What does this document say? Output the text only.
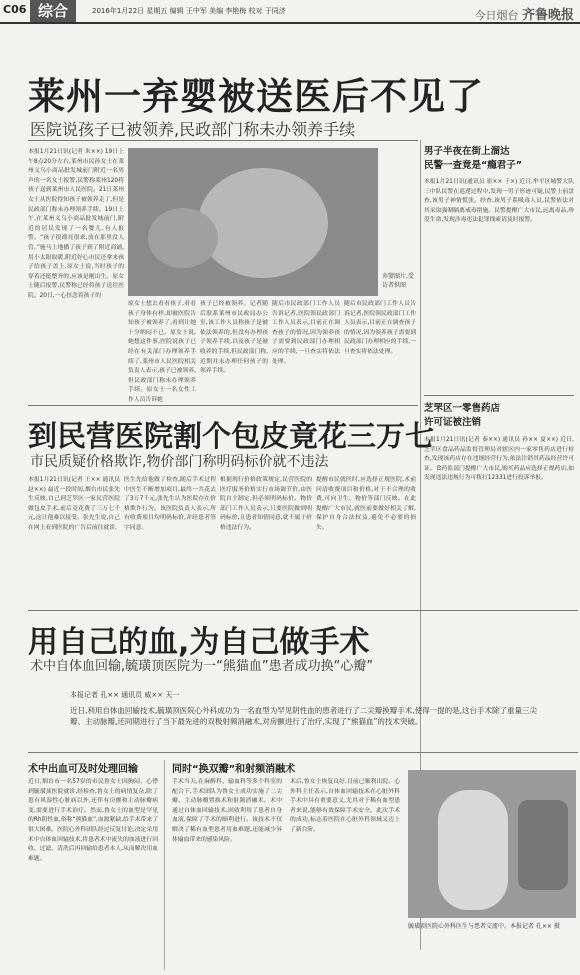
C06 综合	2016年1月22日 星期五 编辑 王中军 美编 李艳梅 校对 于同济	今日烟台 齐鲁晚报
莱州一弃婴被送医后不见了
医院说孩子已被领养,民政部门称未办领养手续
本报1月21日讯(记者 朱××) 19日上午8点20分左右,莱州市民孙女士在莱州义乌小商品批发城前门附近一名男声的一名女士报警,民警称莱州120将孩子送到莱州市人民医院。21日莱州女士从医院得知孩子被领养走了,但是民政部门称未办理领养手续。19日上午,在莱州义乌小商品批发城前门,附近的居民发现了一名婴儿,有人报警。“孩子很漂亮很乖,放在那里没人管。”施马上地播了孩子到了附近商铺,用小太阳取暖,附近好心市民还拿来孩子给孩子盖上,原女士说,当时孩子的穿着还挺整齐的,应该是刚出生。原女士随后报警,民警称已经将孩子送往医院。20日,一心挂念着孩子的
弃婴图片,受访者供图
原女士想去看看孩子,看看孩子身体有样,却被医院告知孩子被领养了,看到让她十分纳闷不已。原女士说,她想这件事,医院说孩子已经在有关部门办理领养手续了,莱州市人民医院相关负责人表示,孩子已被领养,但民政部门称未办理领养手续。原女士一名女性工作人员告诉她
孩子已经被领养。记者随后联系莱州市民政局办公室,该工作人员称孩子是被依法领养的,但没有办理孩子领养手续,以及孩子是被收养的手续,但民政部门称,近期并未办理任何孩子的领养手续。
随后市民政部门工作人员告诉记者,医院领民政部门工作人员表示,目前正在调查孩子的情况,因为领养孩子需要到民政部门办理相应的手续,一旦查实将依法处理。
随后市民政部门工作人员告诉记者,医院领民政部门工作人员表示,目前正在调查孩子的情况,因为领养孩子需要到民政部门办理相应的手续,一旦查实将依法处理。
男子半夜在街上溜达
民警一查竟是“瘾君子”
本报1月21日讯(通讯员 崔×× 于×) 近日,牟平区城警大队三中队民警在巡逻过程中,发现一男子形迹可疑,民警上前盘查,该男子神情慌张。经查,该男子系吸毒人员,民警依法对其采取强制隔离戒毒措施。民警提醒广大市民,远离毒品,珍爱生命,发现涉毒违法犯罪线索请及时报警。
芝罘区一零售药店
许可证被注销
本报1月21日讯(记者 秦××) 通讯员 孙×× 夏××) 近日,芝罘区食品药品监督管理局对辖区内一家零售药店进行检查,发现该药店存在违规经营行为,依法注销其药品经营许可证。食药监部门提醒广大市民,购买药品应选择正规药店,如发现违法违规行为可拨打12331进行投诉举报。
到民营医院割个包皮竟花三万七
市民质疑价格欺诈,物价部门称明码标价就不违法
本报1月21日讯(记者 王×× 通讯员 赵××) 最近一段时间,烟台市民张先生反映,自己到芝罘区一家民营医院做包皮手术,前后竟花费了三万七千元,这让他难以接受。张先生说,自己在网上看到医院的广告后前往就诊,
医生先给他做了检查,随后手术过程中医生不断增加项目,最终一共花去了3万7千元,张先生认为医院存在价格欺诈行为。该医院负责人表示,所有收费项目均明码标价,并经患者签字同意。
根据现行价格政策规定,民营医院的医疗服务价格实行市场调节价,由医院自主制定,但必须明码标价。物价部门工作人员表示,只要医院做到明码标价,且患者知情同意,就不属于价格违法行为。
提醒市民就医时,应选择正规医院,术前问清收费项目和价格,对于不合理的收费,可向卫生、物价等部门反映。在此提醒广大市民,就医前要做好相关了解,保护自身合法权益,避免不必要的损失。
用自己的血,为自己做手术
术中自体血回输,毓璜顶医院为一“熊猫血”患者成功换“心瓣”
本报记者 孔×× 通讯员 威×× 天一
近日,利用自体血回输技术,毓璜顶医院心外科成功为一名血型为罕见阴性血的患者进行了二尖瓣换瓣手术,使得一提的是,这台手术除了重量三尖瓣、主动脉瓣,还同期进行了当下最先进的双极射频消融术,对房颤进行了治疗,实现了“熊猫血”的技术突破。
术中出血可及时处理回输
近日,烟台市一名57岁的市民鲁女士因胸闷、心悸到毓璜顶医院就诊,经检查,鲁女士的病情复杂,除了患有风湿性心脏病以外,还伴有房颤和主动脉瓣病变,需要进行手术治疗。然而,鲁女士的血型是罕见的Rh阴性血,俗称“熊猫血”,血源紧缺,给手术带来了很大困难。医院心外科团队经过反复讨论,决定采用术中自体血回输技术,将患者术中流失的血液进行回收、过滤、清洗后再回输给患者本人,从而解决用血难题。
同时“换双瓣”和射频消融术
手术当天,在麻醉科、输血科等多个科室的配合下,手术团队为鲁女士成功实施了二尖瓣、主动脉瓣置换术和射频消融术。术中通过自体血回输技术,回收利用了患者自身血液,保障了手术的顺利进行。该技术不仅解决了稀有血型患者用血难题,还能减少异体输血带来的感染风险。
术后,鲁女士恢复良好,目前已顺利出院。心外科主任表示,自体血回输技术在心脏外科手术中具有重要意义,尤其对于稀有血型患者来说,能够有效保障手术安全。此次手术的成功,标志着医院在心脏外科领域又迈上了新台阶。
毓璜顶医院心外科医生与患者交流中。本报记者 孔×× 摄
